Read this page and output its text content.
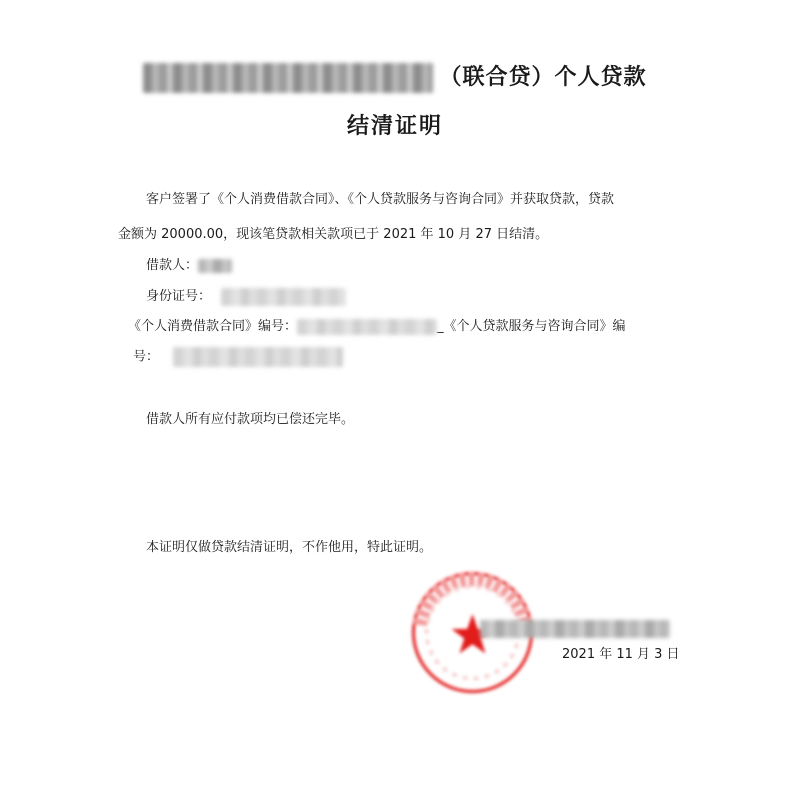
（联合贷）个人贷款
结清证明
客户签署了《个人消费借款合同》、《个人贷款服务与咨询合同》并获取贷款，贷款
金额为 20000.00，现该笔贷款相关款项已于 2021 年 10 月 27 日结清。
借款人：
身份证号：
《个人消费借款合同》编号：	_《个人贷款服务与咨询合同》编
号：
借款人所有应付款项均已偿还完毕。
本证明仅做贷款结清证明，不作他用，特此证明。
2021 年 11 月 3 日
